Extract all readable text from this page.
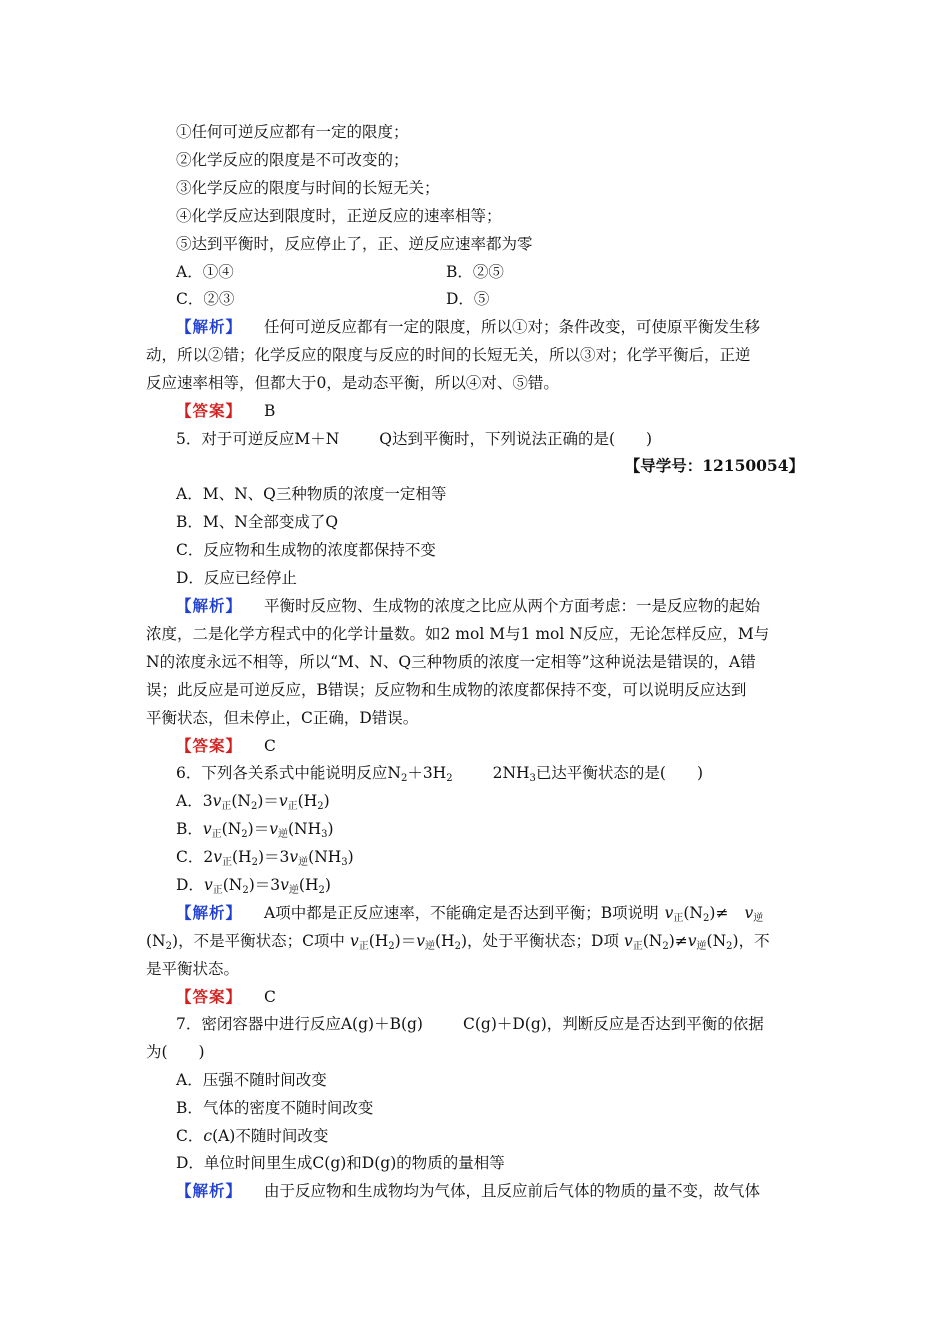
①任何可逆反应都有一定的限度；
②化学反应的限度是不可改变的；
③化学反应的限度与时间的长短无关；
④化学反应达到限度时，正逆反应的速率相等；
⑤达到平衡时，反应停止了，正、逆反应速率都为零
A．①④	B．②⑤
C．②③	D．⑤
【解析】 任何可逆反应都有一定的限度，所以①对；条件改变，可使原平衡发生移
动，所以②错；化学反应的限度与反应的时间的长短无关，所以③对；化学平衡后，正逆
反应速率相等，但都大于0，是动态平衡，所以④对、⑤错。
【答案】 B
5．对于可逆反应M＋N	Q达到平衡时，下列说法正确的是(　　)
【导学号：12150054】
A．M、N、Q三种物质的浓度一定相等
B．M、N全部变成了Q
C．反应物和生成物的浓度都保持不变
D．反应已经停止
【解析】 平衡时反应物、生成物的浓度之比应从两个方面考虑：一是反应物的起始
浓度，二是化学方程式中的化学计量数。如2 mol M与1 mol N反应，无论怎样反应，M与
N的浓度永远不相等，所以“M、N、Q三种物质的浓度一定相等”这种说法是错误的，A错
误；此反应是可逆反应，B错误；反应物和生成物的浓度都保持不变，可以说明反应达到
平衡状态，但未停止，C正确，D错误。
【答案】 C
6．下列各关系式中能说明反应$N_2+3H_2$	$2NH_3$已达平衡状态的是(　　)
A．3v正$(N_2)=v$正$(H_2)$
B．v正$(N_2)=v$逆$(NH_3)$
C．2v正$(H_2)=3v$逆$(NH_3)$
D．v正$(N_2)=3v$逆$(H_2)$
【解析】 A项中都是正反应速率，不能确定是否达到平衡；B项说明 v正$(N_2)\ne v$逆
$(N_2)$，不是平衡状态；C项中 v正$(H_2)=v$逆$(H_2)$，处于平衡状态；D项 v正$(N_2)\ne v$逆$(N_2)$，不
是平衡状态。
【答案】 C
7．密闭容器中进行反应A(g)＋B(g)	C(g)＋D(g)，判断反应是否达到平衡的依据
为(　　)
A．压强不随时间改变
B．气体的密度不随时间改变
C．c(A)不随时间改变
D．单位时间里生成C(g)和D(g)的物质的量相等
【解析】 由于反应物和生成物均为气体，且反应前后气体的物质的量不变，故气体
